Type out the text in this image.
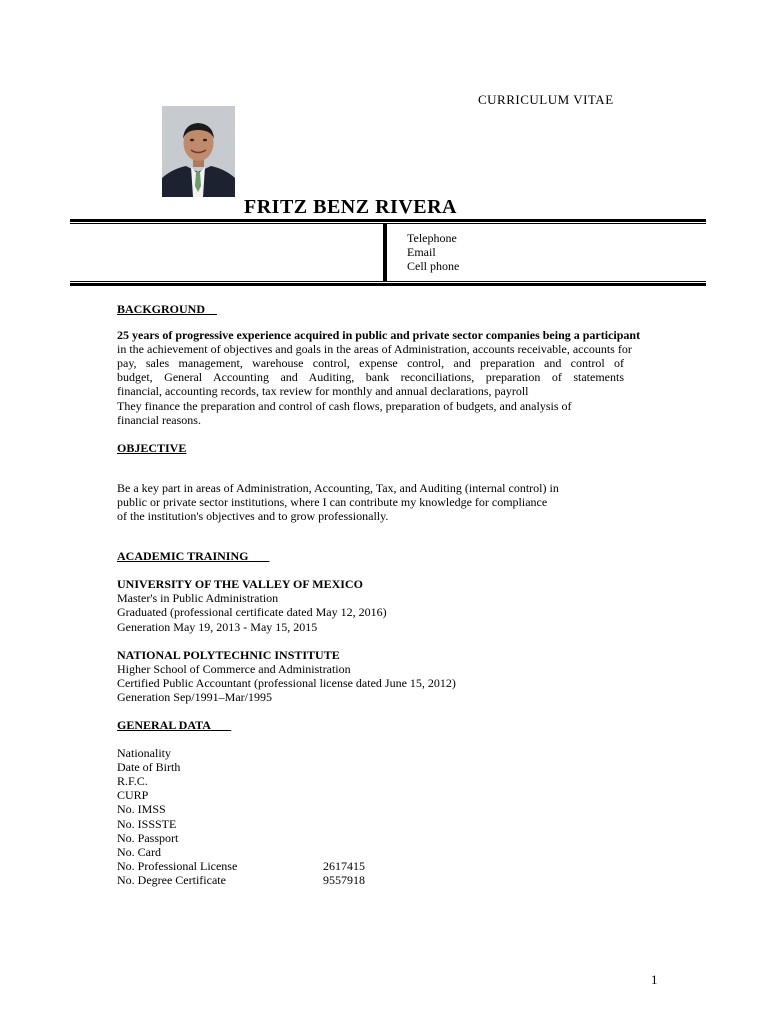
CURRICULUM VITAE
FRITZ BENZ RIVERA
Telephone
Email
Cell phone
BACKGROUND
25 years of progressive experience acquired in public and private sector companies being a participant
in the achievement of objectives and goals in the areas of Administration, accounts receivable, accounts for
pay, sales management, warehouse control, expense control, and preparation and control of
budget, General Accounting and Auditing, bank reconciliations, preparation of statements
financial, accounting records, tax review for monthly and annual declarations, payroll
They finance the preparation and control of cash flows, preparation of budgets, and analysis of
financial reasons.
OBJECTIVE
Be a key part in areas of Administration, Accounting, Tax, and Auditing (internal control) in
public or private sector institutions, where I can contribute my knowledge for compliance
of the institution's objectives and to grow professionally.
ACADEMIC TRAINING
UNIVERSITY OF THE VALLEY OF MEXICO
Master's in Public Administration
Graduated (professional certificate dated May 12, 2016)
Generation May 19, 2013 - May 15, 2015
NATIONAL POLYTECHNIC INSTITUTE
Higher School of Commerce and Administration
Certified Public Accountant (professional license dated June 15, 2012)
Generation Sep/1991–Mar/1995
GENERAL DATA
Nationality
Date of Birth
R.F.C.
CURP
No. IMSS
No. ISSSTE
No. Passport
No. Card
No. Professional License	2617415
No. Degree Certificate	9557918
1
